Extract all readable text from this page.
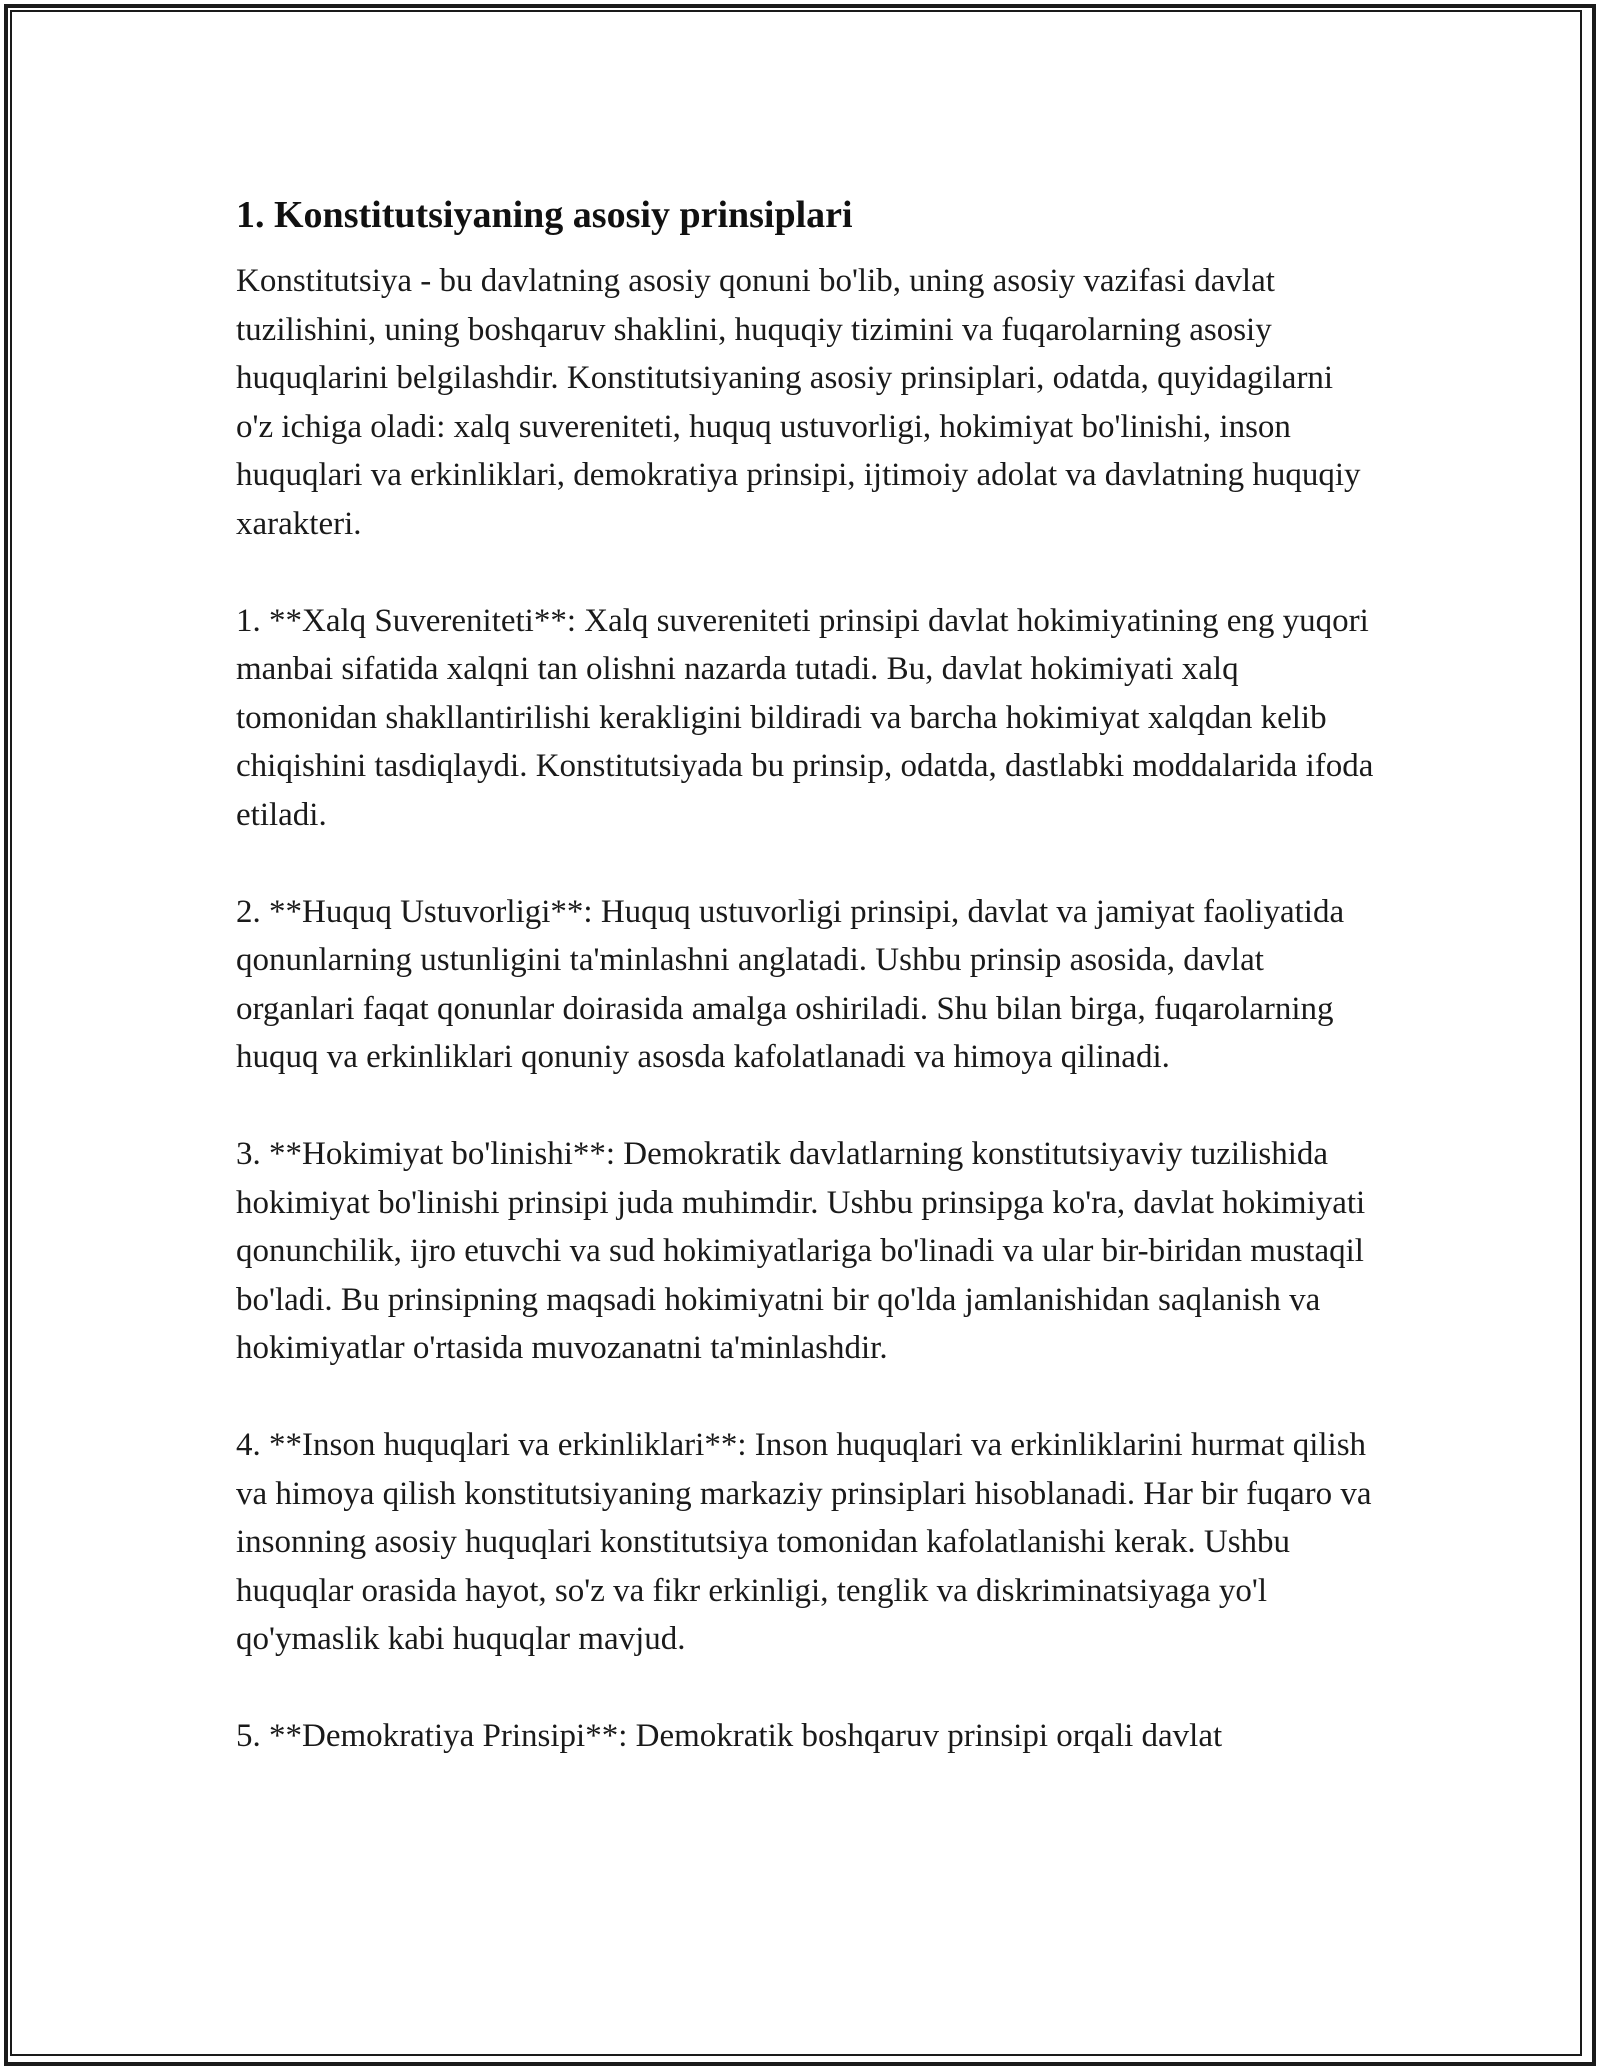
1. Konstitutsiyaning asosiy prinsiplari

Konstitutsiya - bu davlatning asosiy qonuni bo'lib, uning asosiy vazifasi davlat tuzilishini, uning boshqaruv shaklini, huquqiy tizimini va fuqarolarning asosiy huquqlarini belgilashdir. Konstitutsiyaning asosiy prinsiplari, odatda, quyidagilarni o'z ichiga oladi: xalq suvereniteti, huquq ustuvorligi, hokimiyat bo'linishi, inson huquqlari va erkinliklari, demokratiya prinsipi, ijtimoiy adolat va davlatning huquqiy xarakteri.

1. **Xalq Suvereniteti**: Xalq suvereniteti prinsipi davlat hokimiyatining eng yuqori manbai sifatida xalqni tan olishni nazarda tutadi. Bu, davlat hokimiyati xalq tomonidan shakllantirilishi kerakligini bildiradi va barcha hokimiyat xalqdan kelib chiqishini tasdiqlaydi. Konstitutsiyada bu prinsip, odatda, dastlabki moddalarida ifoda etiladi.

2. **Huquq Ustuvorligi**: Huquq ustuvorligi prinsipi, davlat va jamiyat faoliyatida qonunlarning ustunligini ta'minlashni anglatadi. Ushbu prinsip asosida, davlat organlari faqat qonunlar doirasida amalga oshiriladi. Shu bilan birga, fuqarolarning huquq va erkinliklari qonuniy asosda kafolatlanadi va himoya qilinadi.

3. **Hokimiyat bo'linishi**: Demokratik davlatlarning konstitutsiyaviy tuzilishida hokimiyat bo'linishi prinsipi juda muhimdir. Ushbu prinsipga ko'ra, davlat hokimiyati qonunchilik, ijro etuvchi va sud hokimiyatlariga bo'linadi va ular bir-biridan mustaqil bo'ladi. Bu prinsipning maqsadi hokimiyatni bir qo'lda jamlanishidan saqlanish va hokimiyatlar o'rtasida muvozanatni ta'minlashdir.

4. **Inson huquqlari va erkinliklari**: Inson huquqlari va erkinliklarini hurmat qilish va himoya qilish konstitutsiyaning markaziy prinsiplari hisoblanadi. Har bir fuqaro va insonning asosiy huquqlari konstitutsiya tomonidan kafolatlanishi kerak. Ushbu huquqlar orasida hayot, so'z va fikr erkinligi, tenglik va diskriminatsiyaga yo'l qo'ymaslik kabi huquqlar mavjud.

5. **Demokratiya Prinsipi**: Demokratik boshqaruv prinsipi orqali davlat
